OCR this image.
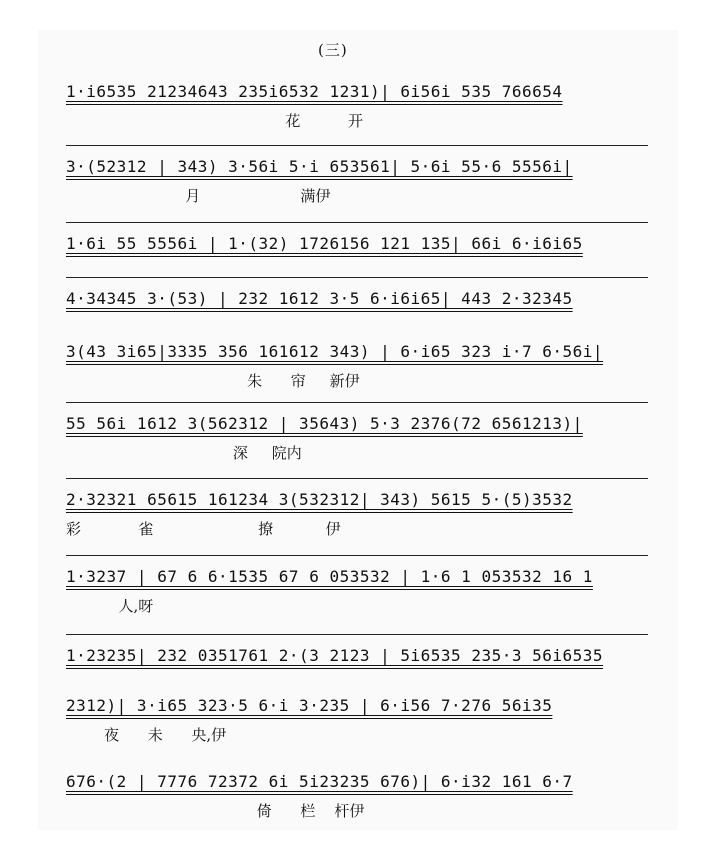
(三)
1·i6535 21234643 235i6532 1231)| 6i56i 535 766654
花          开
3·(52312 | 343) 3·56i 5·i 653561| 5·6i 55·6 5556i|
月                     满伊
1·6i 55 5556i | 1·(32) 1726156 121 135| 66i 6·i6i65
4·34345 3·(53) | 232 1612 3·5 6·i6i65| 443 2·32345
3(43 3i65|3335 356 161612 343) | 6·i65 323 i·7 6·56i|
朱      帘     新伊
55 56i 1612 3(562312 | 35643) 5·3 2376(72 6561213)|
深     院内
2·32321 65615 161234 3(532312| 343) 5615 5·(5)3532
彩            雀                      撩           伊
1·3237 | 67 6 6·1535 67 6 053532 | 1·6 1 053532 16 1
人,呀
1·23235| 232 0351761 2·(3 2123 | 5i6535 235·3 56i6535
2312)| 3·i65 323·5 6·i 3·235 | 6·i56 7·276 56i35
夜      未      央,伊
676·(2 | 7776 72372 6i 5i23235 676)| 6·i32 161 6·7
倚      栏    杆伊
